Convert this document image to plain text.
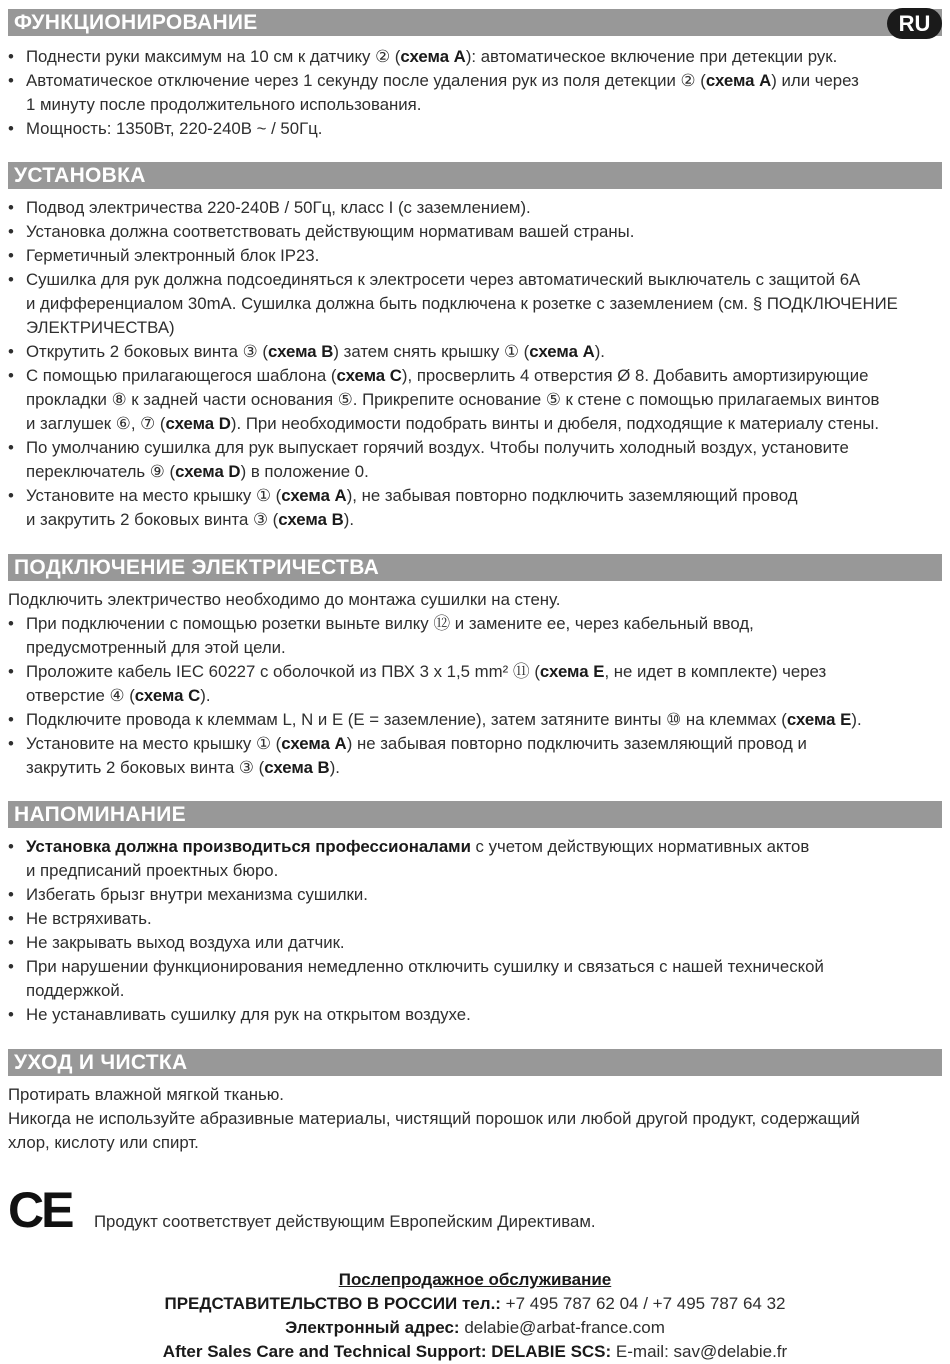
ФУНКЦИОНИРОВАНИЕ	RU
• Поднести руки максимум на 10 см к датчику ② (схема A): автоматическое включение при детекции рук.
• Автоматическое отключение через 1 секунду после удаления рук из поля детекции ② (схема A) или через
1 минуту после продолжительного использования.
• Мощность: 1350Вт, 220-240В ~ / 50Гц.
УСТАНОВКА
• Подвод электричества 220-240В / 50Гц, класс I (с заземлением).
• Установка должна соответствовать действующим нормативам вашей страны.
• Герметичный электронный блок IP23.
• Сушилка для рук должна подсоединяться к электросети через автоматический выключатель с защитой 6А
и дифференциалом 30mA. Сушилка должна быть подключена к розетке с заземлением (см. § ПОДКЛЮЧЕНИЕ
ЭЛЕКТРИЧЕСТВА)
• Открутить 2 боковых винта ③ (схема B) затем снять крышку ① (схема A).
• С помощью прилагающегося шаблона (схема C), просверлить 4 отверстия Ø 8. Добавить амортизирующие
прокладки ⑧ к задней части основания ⑤. Прикрепите основание ⑤ к стене с помощью прилагаемых винтов
и заглушек ⑥, ⑦ (схема D). При необходимости подобрать винты и дюбеля, подходящие к материалу стены.
• По умолчанию сушилка для рук выпускает горячий воздух. Чтобы получить холодный воздух, установите
переключатель ⑨ (схема D) в положение 0.
• Установите на место крышку ① (схема A), не забывая повторно подключить заземляющий провод
и закрутить 2 боковых винта ③ (схема B).
ПОДКЛЮЧЕНИЕ ЭЛЕКТРИЧЕСТВА
Подключить электричество необходимо до монтажа сушилки на стену.
• При подключении с помощью розетки выньте вилку ⑫ и замените ее, через кабельный ввод,
предусмотренный для этой цели.
• Проложите кабель IEC 60227 с оболочкой из ПВХ 3 x 1,5 mm² ⑪ (схема E, не идет в комплекте) через
отверстие ④ (схема C).
• Подключите провода к клеммам L, N и E (E = заземление), затем затяните винты ⑩ на клеммах (схема E).
• Установите на место крышку ① (схема A) не забывая повторно подключить заземляющий провод и
закрутить 2 боковых винта ③ (схема B).
НАПОМИНАНИЕ
• Установка должна производиться профессионалами с учетом действующих нормативных актов
и предписаний проектных бюро.
• Избегать брызг внутри механизма сушилки.
• Не встряхивать.
• Не закрывать выход воздуха или датчик.
• При нарушении функционирования немедленно отключить сушилку и связаться с нашей технической
поддержкой.
• Не устанавливать сушилку для рук на открытом воздухе.
УХОД И ЧИСТКА
Протирать влажной мягкой тканью.
Никогда не используйте абразивные материалы, чистящий порошок или любой другой продукт, содержащий
хлор, кислоту или спирт.
CE Продукт соответствует действующим Европейским Директивам.
Послепродажное обслуживание
ПРЕДСТАВИТЕЛЬСТВО В РОССИИ тел.: +7 495 787 62 04 / +7 495 787 64 32
Электронный адрес: delabie@arbat-france.com
After Sales Care and Technical Support: DELABIE SCS: E-mail: sav@delabie.fr
